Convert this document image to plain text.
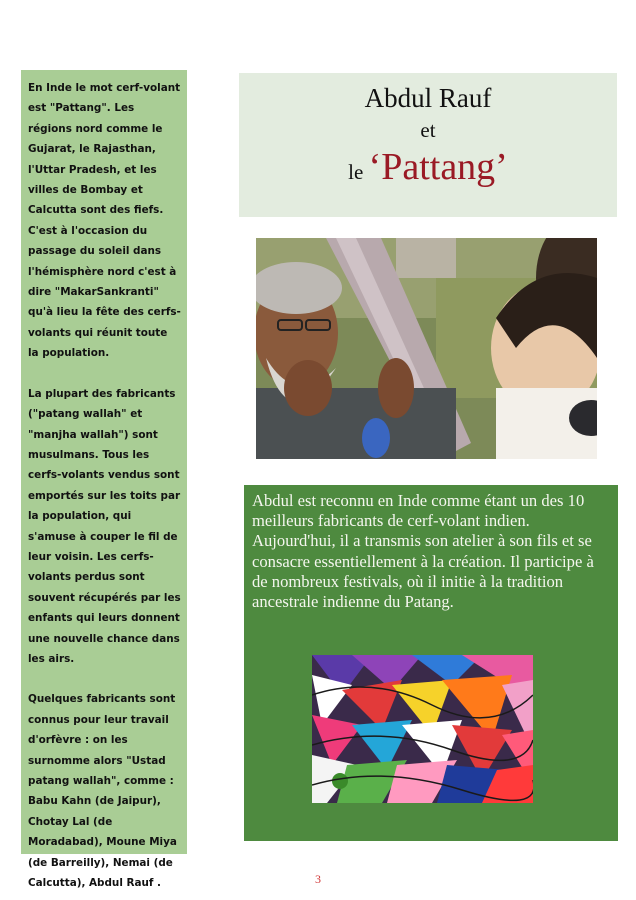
En Inde le mot cerf-volant est "Pattang". Les régions nord comme le Gujarat, le Rajasthan, l'Uttar Pradesh, et les villes de Bombay et Calcutta sont des fiefs. C'est à l'occasion du passage du soleil dans l'hémisphère nord c'est à dire "MakarSankranti" qu'à lieu la fête des cerfs-volants qui réunit toute la population.

La plupart des fabricants ("patang wallah" et "manjha wallah") sont musulmans. Tous les cerfs-volants vendus sont emportés sur les toits par la population, qui s'amuse à couper le fil de leur voisin. Les cerfs-volants perdus sont souvent récupérés par les enfants qui leurs donnent une nouvelle chance dans les airs.

Quelques fabricants sont connus pour leur travail d'orfèvre : on les surnomme alors "Ustad patang wallah", comme : Babu Kahn (de Jaipur), Chotay Lal (de Moradabad), Moune Miya (de Barreilly), Nemai (de Calcutta), Abdul Rauf .

Abdul Rauf
et
le ‘Pattang’
Abdul est reconnu en Inde comme étant un des 10 meilleurs fabricants de cerf-volant indien. Aujourd'hui, il a transmis son atelier à son fils et se consacre essentiellement à la création. Il participe à de nombreux festivals, où il initie à la tradition ancestrale indienne du Patang.
3
